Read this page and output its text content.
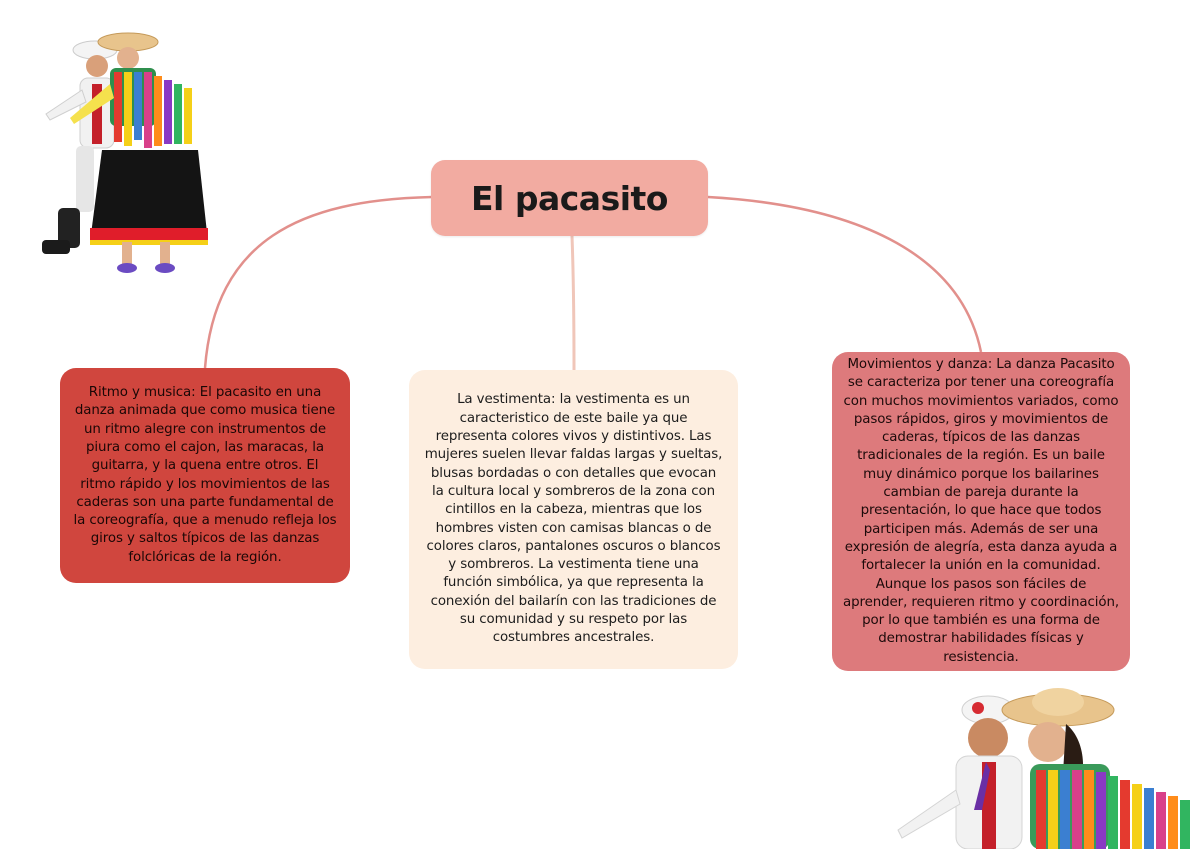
El pacasito

Ritmo y musica: El pacasito en una danza animada que como musica tiene un ritmo alegre con instrumentos de piura como el cajon, las maracas, la guitarra, y la quena entre otros. El ritmo rápido y los movimientos de las caderas son una parte fundamental de la coreografía, que a menudo refleja los giros y saltos típicos de las danzas folclóricas de la región.

La vestimenta: la vestimenta es un caracteristico de este baile ya que representa colores vivos y distintivos. Las mujeres suelen llevar faldas largas y sueltas, blusas bordadas o con detalles que evocan la cultura local y sombreros de la zona con cintillos en la cabeza, mientras que los hombres visten con camisas blancas o de colores claros, pantalones oscuros o blancos y sombreros. La vestimenta tiene una función simbólica, ya que representa la conexión del bailarín con las tradiciones de su comunidad y su respeto por las costumbres ancestrales.

Movimientos y danza: La danza Pacasito se caracteriza por tener una coreografía con muchos movimientos variados, como pasos rápidos, giros y movimientos de caderas, típicos de las danzas tradicionales de la región. Es un baile muy dinámico porque los bailarines cambian de pareja durante la presentación, lo que hace que todos participen más. Además de ser una expresión de alegría, esta danza ayuda a fortalecer la unión en la comunidad. Aunque los pasos son fáciles de aprender, requieren ritmo y coordinación, por lo que también es una forma de demostrar habilidades físicas y resistencia.
